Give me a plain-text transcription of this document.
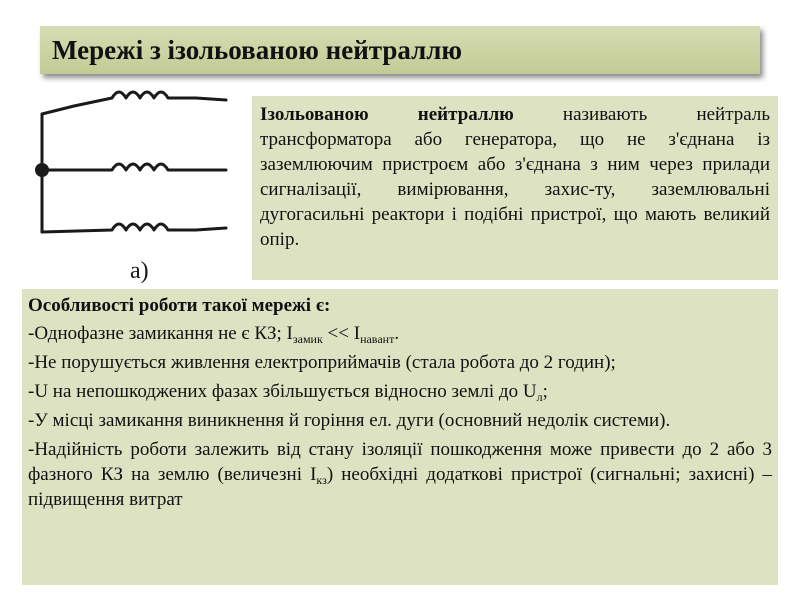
Мережі з ізольованою нейтраллю
а)
Ізольованою нейтраллю називають нейтраль трансформатора або генератора, що не з'єднана із заземлюючим пристроєм або з'єднана з ним через прилади сигналізації, вимірювання, захис-ту, заземлювальні дугогасильні реактори і подібні пристрої, що мають великий опір.

Особливості роботи такої мережі є:

-Однофазне замикання не є КЗ; $I_{замик} << I_{навант}$.

-Не порушується живлення електроприймачів (стала робота до 2 годин);

-U на непошкоджених фазах збільшується відносно землі до $U_л$;

-У місці замикання виникнення й горіння ел. дуги (основний недолік системи).

-Надійність роботи залежить від стану ізоляції пошкодження може привести до 2 або 3 фазного КЗ на землю (величезні $I_{кз}$) необхідні додаткові пристрої (сигнальні; захисні) – підвищення витрат
